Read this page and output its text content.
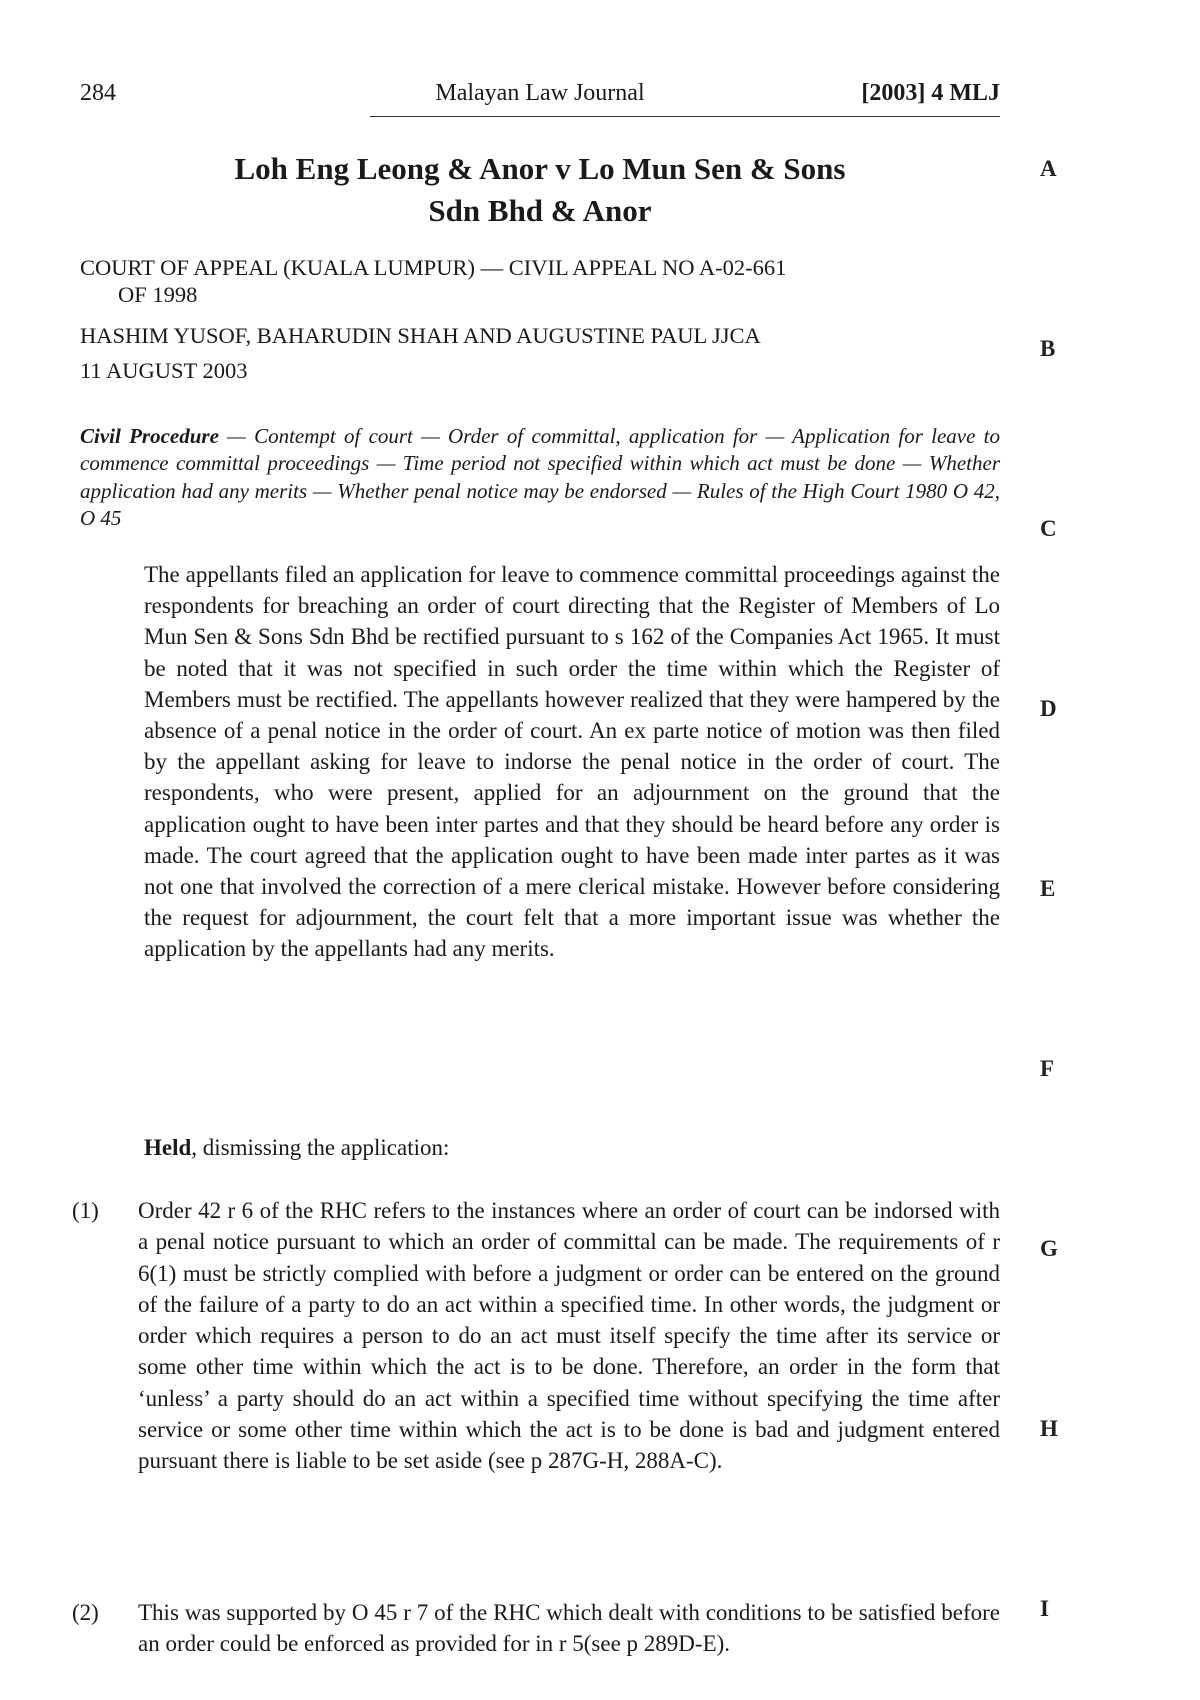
284	Malayan Law Journal	[2003] 4 MLJ
A
B
C
D
E
F
G
H
I
Loh Eng Leong & Anor v Lo Mun Sen & Sons
Sdn Bhd & Anor
COURT OF APPEAL (KUALA LUMPUR) — CIVIL APPEAL NO A-02-661
OF 1998
HASHIM YUSOF, BAHARUDIN SHAH AND AUGUSTINE PAUL JJCA
11 AUGUST 2003
Civil Procedure — Contempt of court — Order of committal, application for — Application for leave to commence committal proceedings — Time period not specified within which act must be done — Whether application had any merits — Whether penal notice may be endorsed — Rules of the High Court 1980 O 42, O 45

The appellants filed an application for leave to commence committal proceedings against the respondents for breaching an order of court directing that the Register of Members of Lo Mun Sen & Sons Sdn Bhd be rectified pursuant to s 162 of the Companies Act 1965. It must be noted that it was not specified in such order the time within which the Register of Members must be rectified. The appellants however realized that they were hampered by the absence of a penal notice in the order of court. An ex parte notice of motion was then filed by the appellant asking for leave to indorse the penal notice in the order of court. The respondents, who were present, applied for an adjournment on the ground that the application ought to have been inter partes and that they should be heard before any order is made. The court agreed that the application ought to have been made inter partes as it was not one that involved the correction of a mere clerical mistake. However before considering the request for adjournment, the court felt that a more important issue was whether the application by the appellants had any merits.

Held, dismissing the application:
(1) Order 42 r 6 of the RHC refers to the instances where an order of court can be indorsed with a penal notice pursuant to which an order of committal can be made. The requirements of r 6(1) must be strictly complied with before a judgment or order can be entered on the ground of the failure of a party to do an act within a specified time. In other words, the judgment or order which requires a person to do an act must itself specify the time after its service or some other time within which the act is to be done. Therefore, an order in the form that ‘unless’ a party should do an act within a specified time without specifying the time after service or some other time within which the act is to be done is bad and judgment entered pursuant there is liable to be set aside (see p 287G-H, 288A-C).
(2) This was supported by O 45 r 7 of the RHC which dealt with conditions to be satisfied before an order could be enforced as provided for in r 5(see p 289D-E).
